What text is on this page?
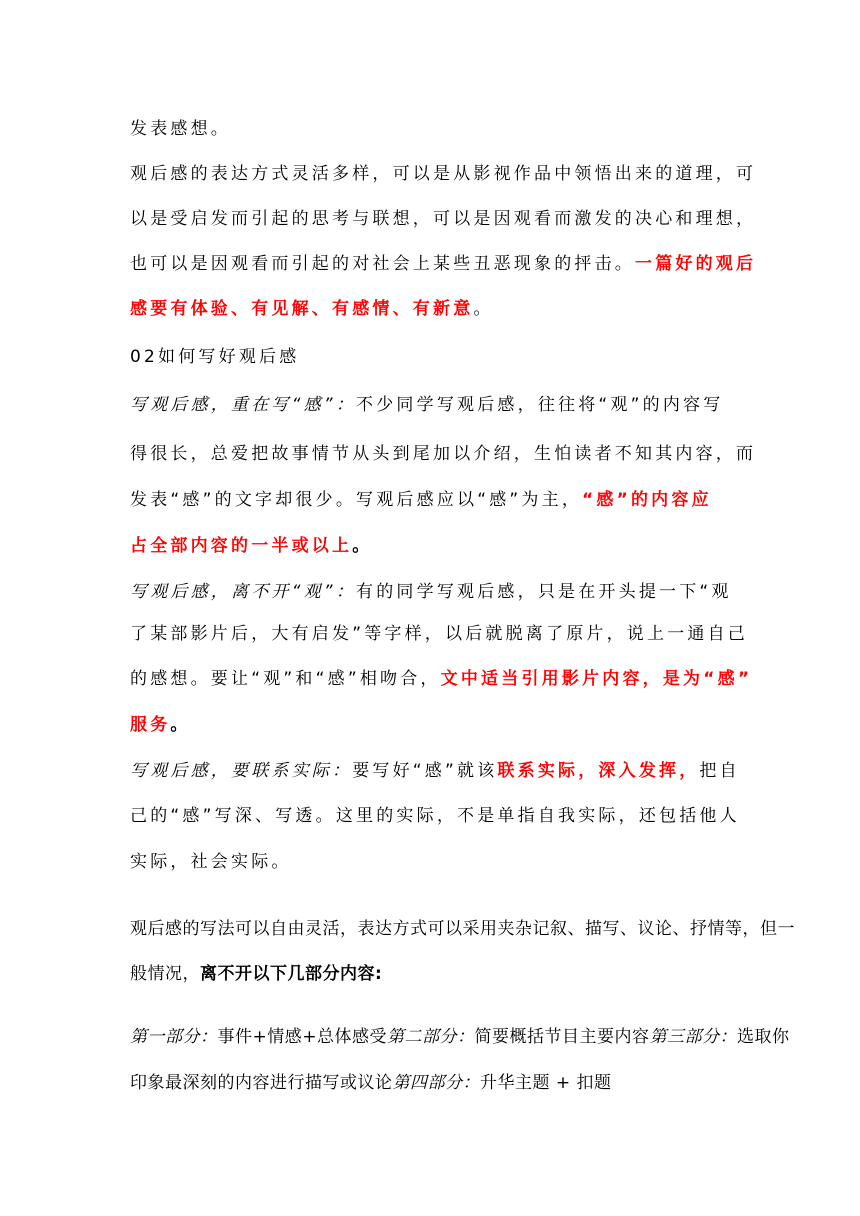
发表感想。
观后感的表达方式灵活多样，可以是从影视作品中领悟出来的道理，可
以是受启发而引起的思考与联想，可以是因观看而激发的决心和理想，
也可以是因观看而引起的对社会上某些丑恶现象的抨击。一篇好的观后
感要有体验、有见解、有感情、有新意。
02如何写好观后感
写观后感，重在写“感”：不少同学写观后感，往往将“观”的内容写
得很长，总爱把故事情节从头到尾加以介绍，生怕读者不知其内容，而
发表“感”的文字却很少。写观后感应以“感”为主，“感”的内容应
占全部内容的一半或以上。
写观后感，离不开“观”：有的同学写观后感，只是在开头提一下“观
了某部影片后，大有启发”等字样，以后就脱离了原片，说上一通自己
的感想。要让“观”和“感”相吻合，文中适当引用影片内容，是为“感”
服务。
写观后感，要联系实际：要写好“感”就该联系实际，深入发挥，把自
己的“感”写深、写透。这里的实际，不是单指自我实际，还包括他人
实际，社会实际。
观后感的写法可以自由灵活，表达方式可以采用夹杂记叙、描写、议论、抒情等，但一
般情况，离不开以下几部分内容:
第一部分：事件+情感+总体感受第二部分：简要概括节目主要内容第三部分：选取你
印象最深刻的内容进行描写或议论第四部分：升华主题 + 扣题
